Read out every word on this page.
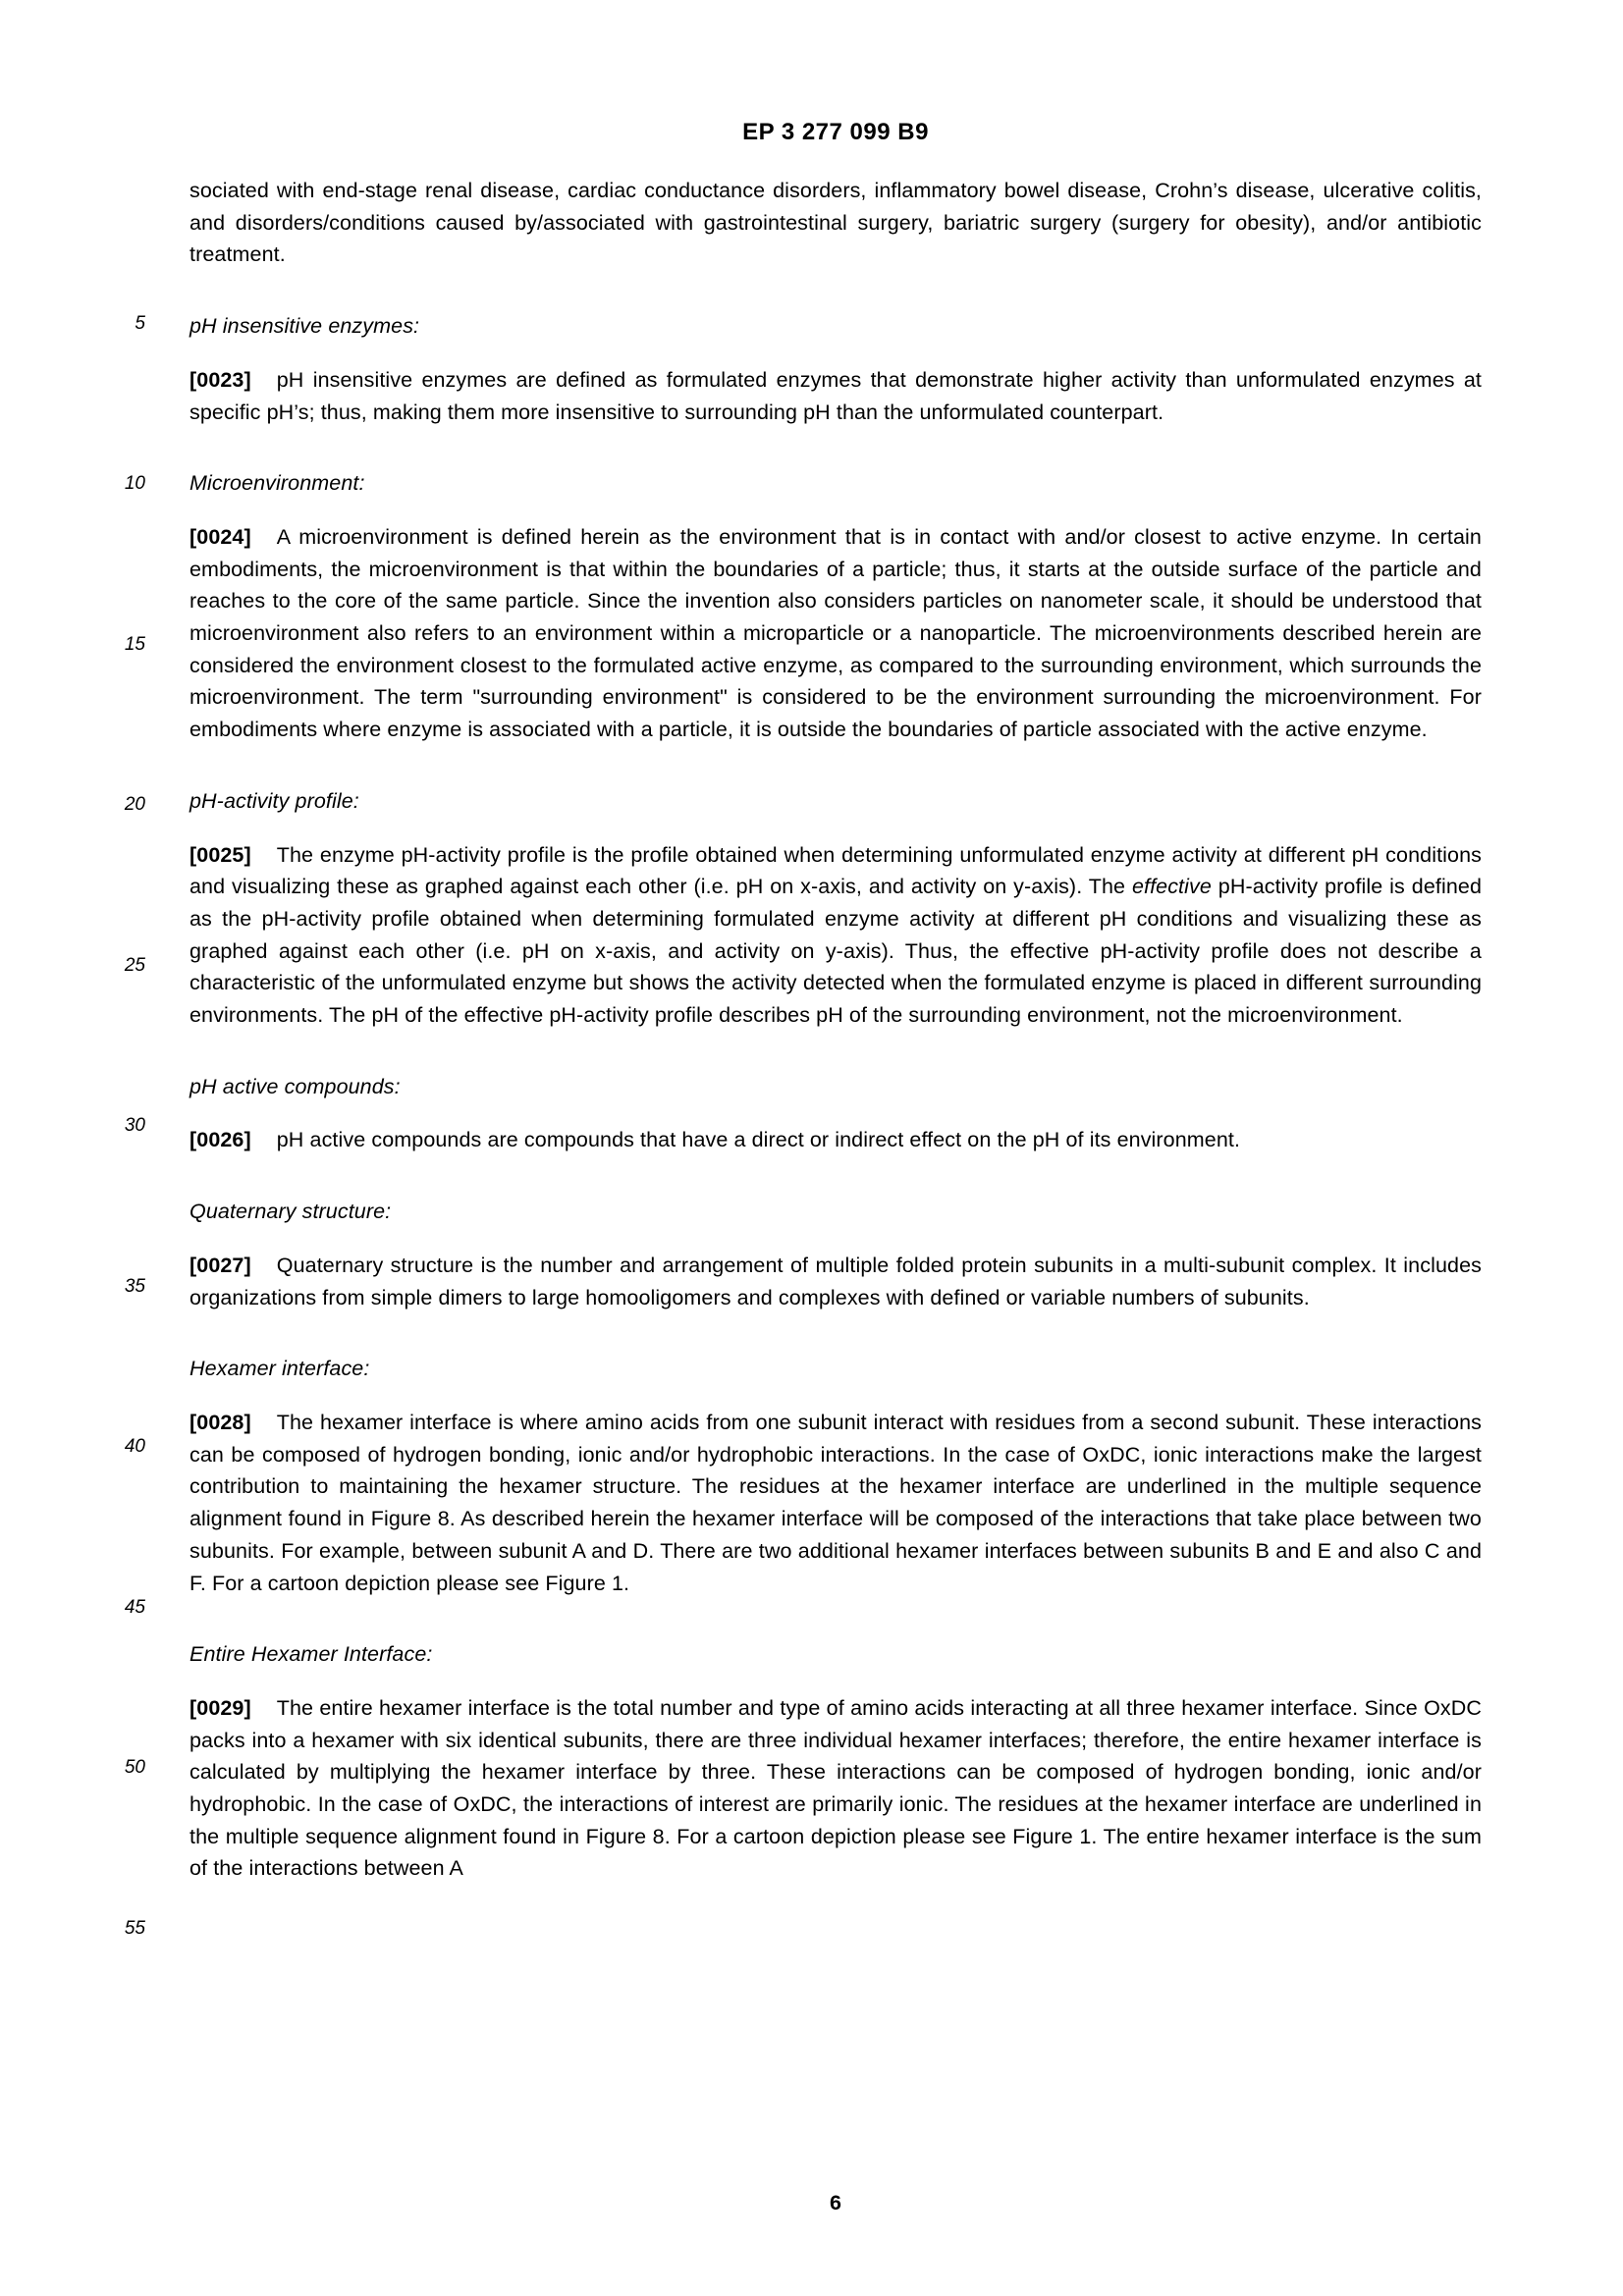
EP 3 277 099 B9
5
10
15
20
25
30
35
40
45
50
55

sociated with end-stage renal disease, cardiac conductance disorders, inflammatory bowel disease, Crohn’s disease, ulcerative colitis, and disorders/conditions caused by/associated with gastrointestinal surgery, bariatric surgery (surgery for obesity), and/or antibiotic treatment.

pH insensitive enzymes:

[0023] pH insensitive enzymes are defined as formulated enzymes that demonstrate higher activity than unformulated enzymes at specific pH’s; thus, making them more insensitive to surrounding pH than the unformulated counterpart.

Microenvironment:

[0024] A microenvironment is defined herein as the environment that is in contact with and/or closest to active enzyme. In certain embodiments, the microenvironment is that within the boundaries of a particle; thus, it starts at the outside surface of the particle and reaches to the core of the same particle. Since the invention also considers particles on nanometer scale, it should be understood that microenvironment also refers to an environment within a microparticle or a nanoparticle. The microenvironments described herein are considered the environment closest to the formulated active enzyme, as compared to the surrounding environment, which surrounds the microenvironment. The term "surrounding environment" is considered to be the environment surrounding the microenvironment. For embodiments where enzyme is associated with a particle, it is outside the boundaries of particle associated with the active enzyme.

pH-activity profile:

[0025] The enzyme pH-activity profile is the profile obtained when determining unformulated enzyme activity at different pH conditions and visualizing these as graphed against each other (i.e. pH on x-axis, and activity on y-axis). The effective pH-activity profile is defined as the pH-activity profile obtained when determining formulated enzyme activity at different pH conditions and visualizing these as graphed against each other (i.e. pH on x-axis, and activity on y-axis). Thus, the effective pH-activity profile does not describe a characteristic of the unformulated enzyme but shows the activity detected when the formulated enzyme is placed in different surrounding environments. The pH of the effective pH-activity profile describes pH of the surrounding environment, not the microenvironment.

pH active compounds:

[0026] pH active compounds are compounds that have a direct or indirect effect on the pH of its environment.

Quaternary structure:

[0027] Quaternary structure is the number and arrangement of multiple folded protein subunits in a multi-subunit complex. It includes organizations from simple dimers to large homooligomers and complexes with defined or variable numbers of subunits.

Hexamer interface:

[0028] The hexamer interface is where amino acids from one subunit interact with residues from a second subunit. These interactions can be composed of hydrogen bonding, ionic and/or hydrophobic interactions. In the case of OxDC, ionic interactions make the largest contribution to maintaining the hexamer structure. The residues at the hexamer interface are underlined in the multiple sequence alignment found in Figure 8. As described herein the hexamer interface will be composed of the interactions that take place between two subunits. For example, between subunit A and D. There are two additional hexamer interfaces between subunits B and E and also C and F. For a cartoon depiction please see Figure 1.

Entire Hexamer Interface:

[0029] The entire hexamer interface is the total number and type of amino acids interacting at all three hexamer interface. Since OxDC packs into a hexamer with six identical subunits, there are three individual hexamer interfaces; therefore, the entire hexamer interface is calculated by multiplying the hexamer interface by three. These interactions can be composed of hydrogen bonding, ionic and/or hydrophobic. In the case of OxDC, the interactions of interest are primarily ionic. The residues at the hexamer interface are underlined in the multiple sequence alignment found in Figure 8. For a cartoon depiction please see Figure 1. The entire hexamer interface is the sum of the interactions between A

6
